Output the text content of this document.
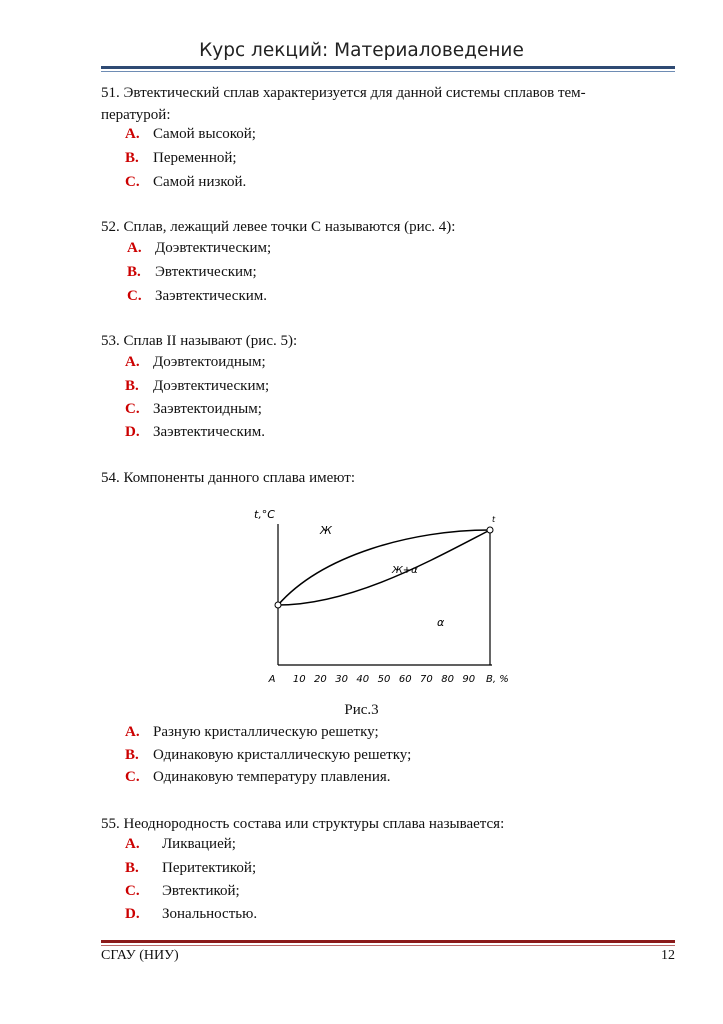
Курс лекций: Материаловедение
51. Эвтектический сплав характеризуется для данной системы сплавов тем-
пературой:
A. Самой высокой;
B. Переменной;
C. Самой низкой.
52. Сплав, лежащий левее точки С называются (рис. 4):
A. Доэвтектическим;
B. Эвтектическим;
C. Заэвтектическим.
53. Сплав II называют (рис. 5):
A. Доэвтектоидным;
B. Доэвтектическим;
C. Заэвтектоидным;
D. Заэвтектическим.
54. Компоненты данного сплава имеют:
t,°C	t
Ж
Ж+α
α
A 10 20 30 40 50 60 70 80 90 B, %
Рис.3
A. Разную кристаллическую решетку;
B. Одинаковую кристаллическую решетку;
C. Одинаковую температуру плавления.
55. Неоднородность состава или структуры сплава называется:
A. Ликвацией;
B. Перитектикой;
C. Эвтектикой;
D. Зональностью.
СГАУ (НИУ)	12
